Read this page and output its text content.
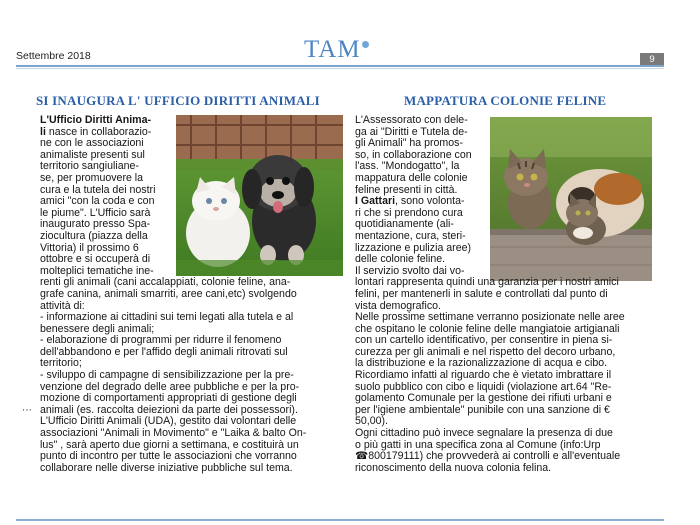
Settembre 2018	TAM	9
SI INAUGURA L' UFFICIO DIRITTI ANIMALI
L'Ufficio Diritti Anima-
li nasce in collaborazio-
ne con le associazioni
animaliste presenti sul
territorio sangiuliane-
se, per promuovere la
cura e la tutela dei nostri
amici "con la coda e con
le piume". L'Ufficio sarà
inaugurato presso Spa-
ziocultura (piazza della
Vittoria) il prossimo 6
ottobre e si occuperà di
molteplici tematiche ine-
renti gli animali (cani accalappiati, colonie feline, ana-
grafe canina, animali smarriti, aree cani,etc) svolgendo
attività di:
- informazione ai cittadini sui temi legati alla tutela e al
benessere degli animali;
- elaborazione di programmi per ridurre il fenomeno
dell'abbandono e per l'affido degli animali ritrovati sul
territorio;
- sviluppo di campagne di sensibilizzazione per la pre-
venzione del degrado delle aree pubbliche e per la pro-
mozione di comportamenti appropriati di gestione degli
animali (es. raccolta deiezioni da parte dei possessori).
L'Ufficio Diritti Animali (UDA), gestito dai volontari delle
associazioni "Animali in Movimento" e "Laika & balto On-
lus" , sarà aperto due giorni a settimana, e costituirà un
punto di incontro per tutte le associazioni che vorranno
collaborare nelle diverse iniziative pubbliche sul tema.
MAPPATURA COLONIE FELINE
L'Assessorato con dele-
ga ai "Diritti e Tutela de-
gli Animali" ha promos-
so, in collaborazione con
l'ass. "Mondogatto", la
mappatura delle colonie
feline presenti in città.
I Gattari, sono volonta-
ri che si prendono cura
quotidianamente (ali-
mentazione, cura, steri-
lizzazione e pulizia aree)
delle colonie feline.
Il servizio svolto dai vo-
lontari rappresenta quindi una garanzia per i nostri amici
felini, per mantenerli in salute e controllati dal punto di
vista demografico.
Nelle prossime settimane verranno posizionate nelle aree
che ospitano le colonie feline delle mangiatoie artigianali
con un cartello identificativo, per consentire in piena si-
curezza per gli animali e nel rispetto del decoro urbano,
la distribuzione e la razionalizzazione di acqua e cibo.
Ricordiamo infatti al riguardo che è vietato imbrattare il
suolo pubblico con cibo e liquidi (violazione art.64 "Re-
golamento Comunale per la gestione dei rifiuti urbani e
per l'igiene ambientale" punibile con una sanzione di €
50,00).
Ogni cittadino può invece segnalare la presenza di due
o più gatti in una specifica zona al Comune (info:Urp
☎800179111) che provvederà ai controlli e all'eventuale
riconoscimento della nuova colonia felina.
⋯
